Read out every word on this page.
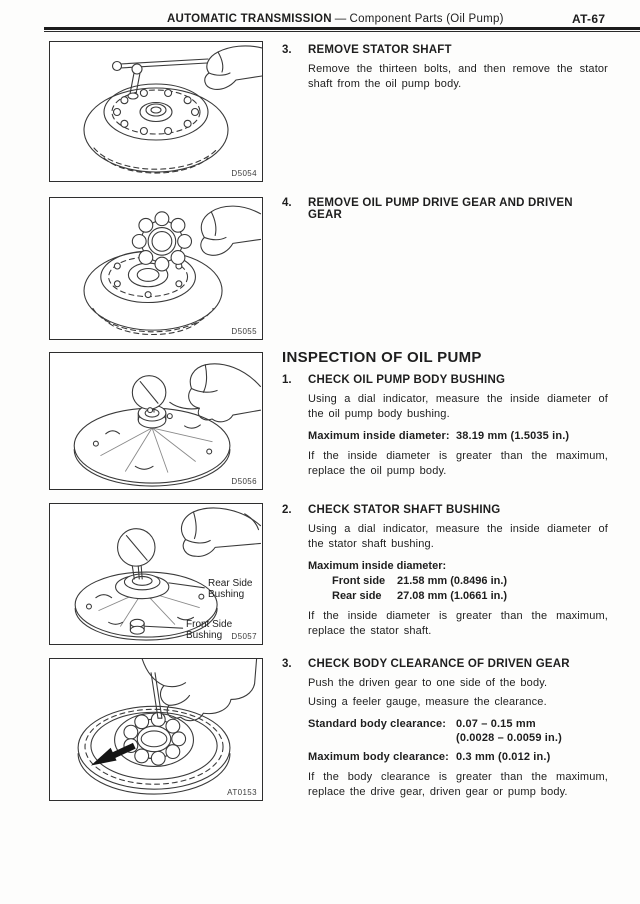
AUTOMATIC TRANSMISSION — Component Parts (Oil Pump)	AT-67
D5054
D5055
D5056
Rear Side
Bushing
Front Side
Bushing	D5057
AT0153
3.	REMOVE STATOR SHAFT

Remove the thirteen bolts, and then remove the stator shaft from the oil pump body.

4.	REMOVE OIL PUMP DRIVE GEAR AND DRIVEN GEAR
INSPECTION OF OIL PUMP
1.	CHECK OIL PUMP BODY BUSHING

Using a dial indicator, measure the inside diameter of the oil pump body bushing.

Maximum inside diameter: 38.19 mm (1.5035 in.)

If the inside diameter is greater than the maximum, replace the oil pump body.

2.	CHECK STATOR SHAFT BUSHING

Using a dial indicator, measure the inside diameter of the stator shaft bushing.

Maximum inside diameter:
Front side	21.58 mm (0.8496 in.)
Rear side	27.08 mm (1.0661 in.)

If the inside diameter is greater than the maximum, replace the stator shaft.

3.	CHECK BODY CLEARANCE OF DRIVEN GEAR

Push the driven gear to one side of the body.

Using a feeler gauge, measure the clearance.

Standard body clearance: 0.07 – 0.15 mm
(0.0028 – 0.0059 in.)
Maximum body clearance: 0.3 mm (0.012 in.)

If the body clearance is greater than the maximum, replace the drive gear, driven gear or pump body.
